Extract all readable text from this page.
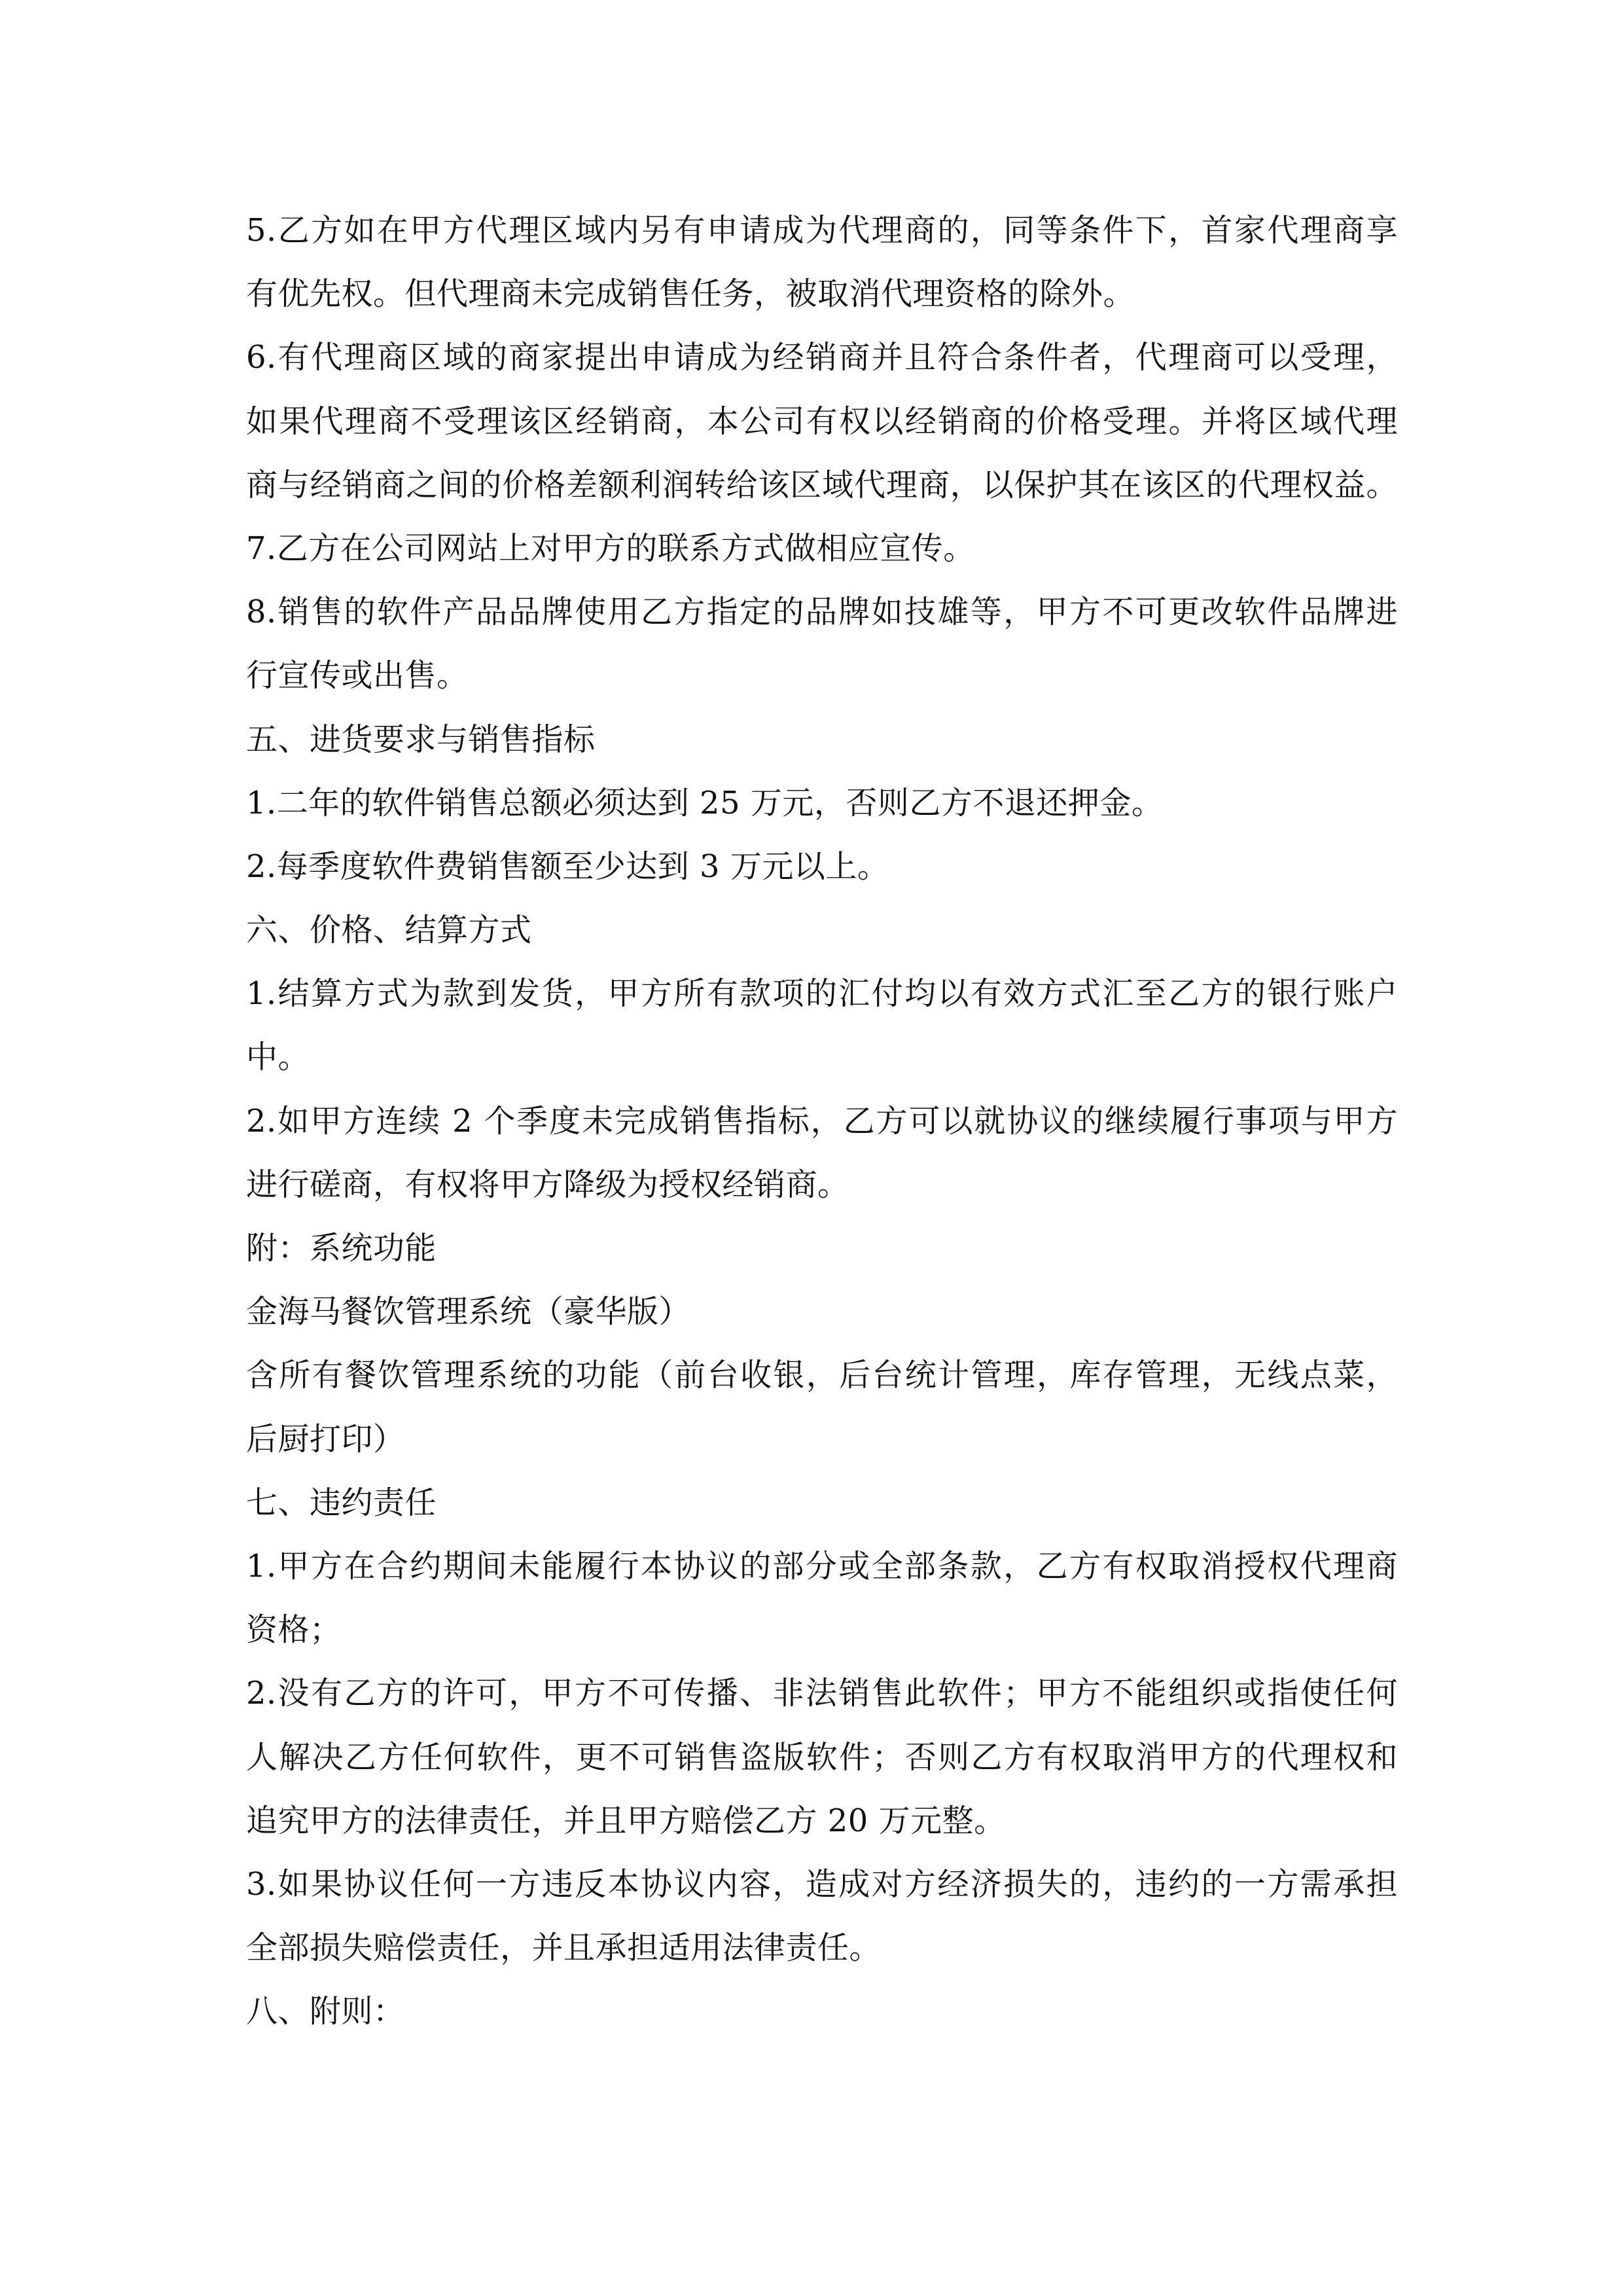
5.乙方如在甲方代理区域内另有申请成为代理商的，同等条件下，首家代理商享
有优先权。但代理商未完成销售任务，被取消代理资格的除外。
6.有代理商区域的商家提出申请成为经销商并且符合条件者，代理商可以受理，
如果代理商不受理该区经销商，本公司有权以经销商的价格受理。并将区域代理
商与经销商之间的价格差额利润转给该区域代理商，以保护其在该区的代理权益。
7.乙方在公司网站上对甲方的联系方式做相应宣传。
8.销售的软件产品品牌使用乙方指定的品牌如技雄等，甲方不可更改软件品牌进
行宣传或出售。
五、进货要求与销售指标
1.二年的软件销售总额必须达到 25 万元，否则乙方不退还押金。
2.每季度软件费销售额至少达到 3 万元以上。
六、价格、结算方式
1.结算方式为款到发货，甲方所有款项的汇付均以有效方式汇至乙方的银行账户
中。
2.如甲方连续 2 个季度未完成销售指标，乙方可以就协议的继续履行事项与甲方
进行磋商，有权将甲方降级为授权经销商。
附：系统功能
金海马餐饮管理系统（豪华版）
含所有餐饮管理系统的功能（前台收银，后台统计管理，库存管理，无线点菜，
后厨打印）
七、违约责任
1.甲方在合约期间未能履行本协议的部分或全部条款，乙方有权取消授权代理商
资格；
2.没有乙方的许可，甲方不可传播、非法销售此软件；甲方不能组织或指使任何
人解决乙方任何软件，更不可销售盗版软件；否则乙方有权取消甲方的代理权和
追究甲方的法律责任，并且甲方赔偿乙方 20 万元整。
3.如果协议任何一方违反本协议内容，造成对方经济损失的，违约的一方需承担
全部损失赔偿责任，并且承担适用法律责任。
八、附则：
